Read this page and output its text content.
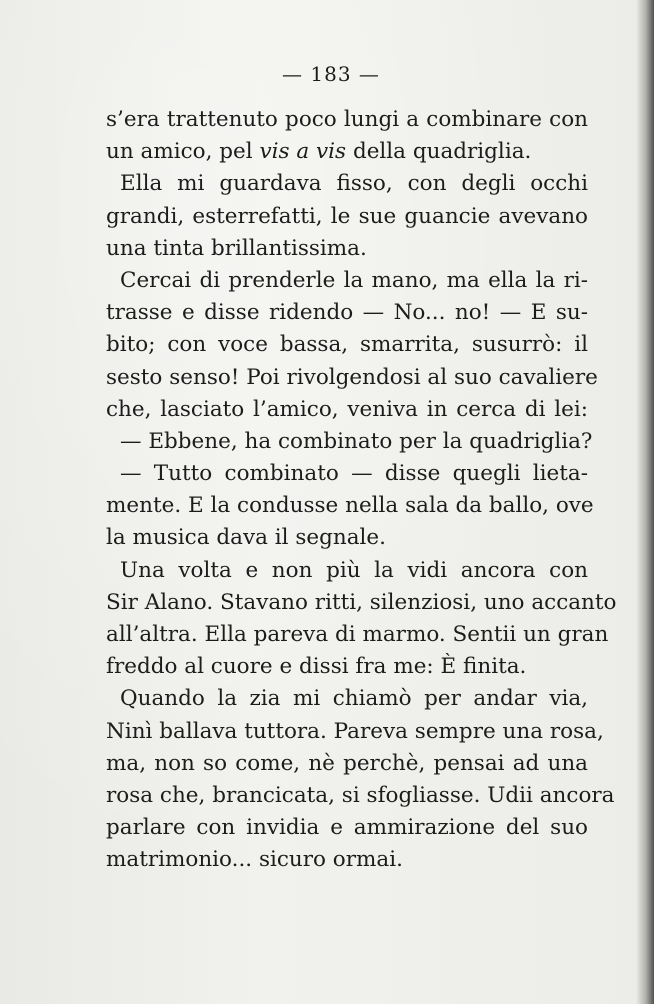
— 183 —
s’era trattenuto poco lungi a combinare con
un amico, pel vis a vis della quadriglia.
Ella mi guardava fisso, con degli occhi
grandi, esterrefatti, le sue guancie avevano
una tinta brillantissima.
Cercai di prenderle la mano, ma ella la ri-
trasse e disse ridendo — No... no! — E su-
bito; con voce bassa, smarrita, susurrò: il
sesto senso! Poi rivolgendosi al suo cavaliere
che, lasciato l’amico, veniva in cerca di lei:
— Ebbene, ha combinato per la quadriglia?
— Tutto combinato — disse quegli lieta-
mente. E la condusse nella sala da ballo, ove
la musica dava il segnale.
Una volta e non più la vidi ancora con
Sir Alano. Stavano ritti, silenziosi, uno accanto
all’altra. Ella pareva di marmo. Sentii un gran
freddo al cuore e dissi fra me: È finita.
Quando la zia mi chiamò per andar via,
Ninì ballava tuttora. Pareva sempre una rosa,
ma, non so come, nè perchè, pensai ad una
rosa che, brancicata, si sfogliasse. Udii ancora
parlare con invidia e ammirazione del suo
matrimonio... sicuro ormai.
